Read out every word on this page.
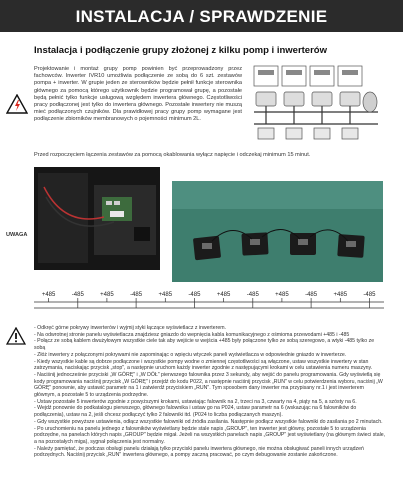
INSTALACJA / SPRAWDZENIE
Instalacja i podłączenie grupy złożonej z kilku pomp i inwerterów
Projektowanie i montaż grupy pomp powinien być przeprowadzony przez fachowców. Inwerter IVR10 umożliwia podłączenie ze sobą do 6 szt. zestawów pompa + inwerter. W grupie jeden ze sterowników będzie pełnił funkcje sterownika głównego za pomocą którego użytkownik będzie programował grupę, a pozostałe będą pełnić tylko funkcje usługową względem inwertera głównego. Częstotliwości pracy podłączonej jest tylko do inwertera głównego. Pozostałe inwertery nie muszą mieć podłączonych czujników. Dla prawidłowej pracy grupy pomp wymagane jest podłączenie zbiorników membranowych o pojemności minimum 2L.
Przed rozpoczęciem łączenia zestawów za pomocą okablowania wyłącz napięcie i odczekaj minimum 15 minut.
UWAGA
+485	-485	+485	-485	+485	-485	+485	-485	+485	-485	+485	-485
- Odkręć górne pokrywy inwerterów i wyjmij styki łączące wyświetlacz z inwerterem.
- Na odwrotnej stronie panelu wyświetlacza znajdziesz gniazdo do wepnięcia kabla komunikacyjnego z ośmioma przewodami +485 i -485
- Połącz ze sobą kablem dwużyłowym wszystkie ciele tak aby wejście w wejścia +485 były połączone tylko ze sobą szeregowo, a wtyki -485 tylko ze sobą
- Złóż inwertery z połączonymi pokrywami nie zapominając o wpięciu wtyczek paneli wyświetlacza w odpowiednie gniazdo w inwerterze.
- Kiedy wszystkie kable są dobrze podłączone i wszystkie pompy wodne o zmiennej częstotliwości są włączone, ustaw wszystkie inwertery w stan zatrzymania, naciskając przycisk „stop", a następnie uruchom każdy inwerter zgodnie z następującymi krokami w celu ustawienia numeru maszyny.
- Naciśnij jednocześnie przyciski „W GÓRĘ" i „W DÓŁ" pierwszego falownika przez 3 sekundy, aby wejść do panelu programowania. Gdy wyświetlą się kody programowania naciśnij przycisk „W GÓRĘ" i przejdź do kodu P022, a następnie naciśnij przycisk „RUN" w celu potwierdzenia wyboru, naciśnij „W GÓRĘ" ponownie, aby ustawić parametr na 1 i zatwierdź przyciskiem „RUN". Tym sposobem dany inwerter ma przypisany nr.1 i jest inwerterem głównym, a pozostałe 5 to urządzenia podrzędne.
- Ustaw pozostałe 5 inwerterów zgodnie z powyższymi krokami, ustawiając falownik na 2, trzeci na 3, czwarty na 4, piąty na 5, a szósty na 6.
- Wejdź ponownie do podkatalogu pierwszego, głównego falownika i ustaw go na P024, ustaw parametr na 6 (wskazując na 6 falowników do podłączenia), ustaw na 2, jeśli chcesz podłączyć tylko 2 falowniki itd. (P024 to liczba podłączanych maszyn).
- Gdy wszystkie powyższe ustawienia, odłącz wszystkie falowniki od źródła zasilania. Następnie podłącz wszystkie falowniki do zasilania po 2 minutach.
- Po uruchomieniu na panelu jednego z falowników wyświetlany będzie stale napis „GROUP", ten inwerter jest główny, pozostałe 5 to urządzenia podrzędne, na panelach których napis „GROUP" będzie migał. Jeżeli na wszystkich panelach napis „GROUP" jest wyświetlany (na głównym świeci stale, a na pozostałych miga), sygnał połączenia jest normalny.
- Należy pamiętać, że podczas obsługi panelu działają tylko przyciski panelu inwertera głównego, nie można obsługiwać paneli innych urządzeń podrzędnych. Naciśnij przycisk „RUN" inwertera głównego, a pompy zaczną pracować, po czym debugowanie zostanie zakończone.
